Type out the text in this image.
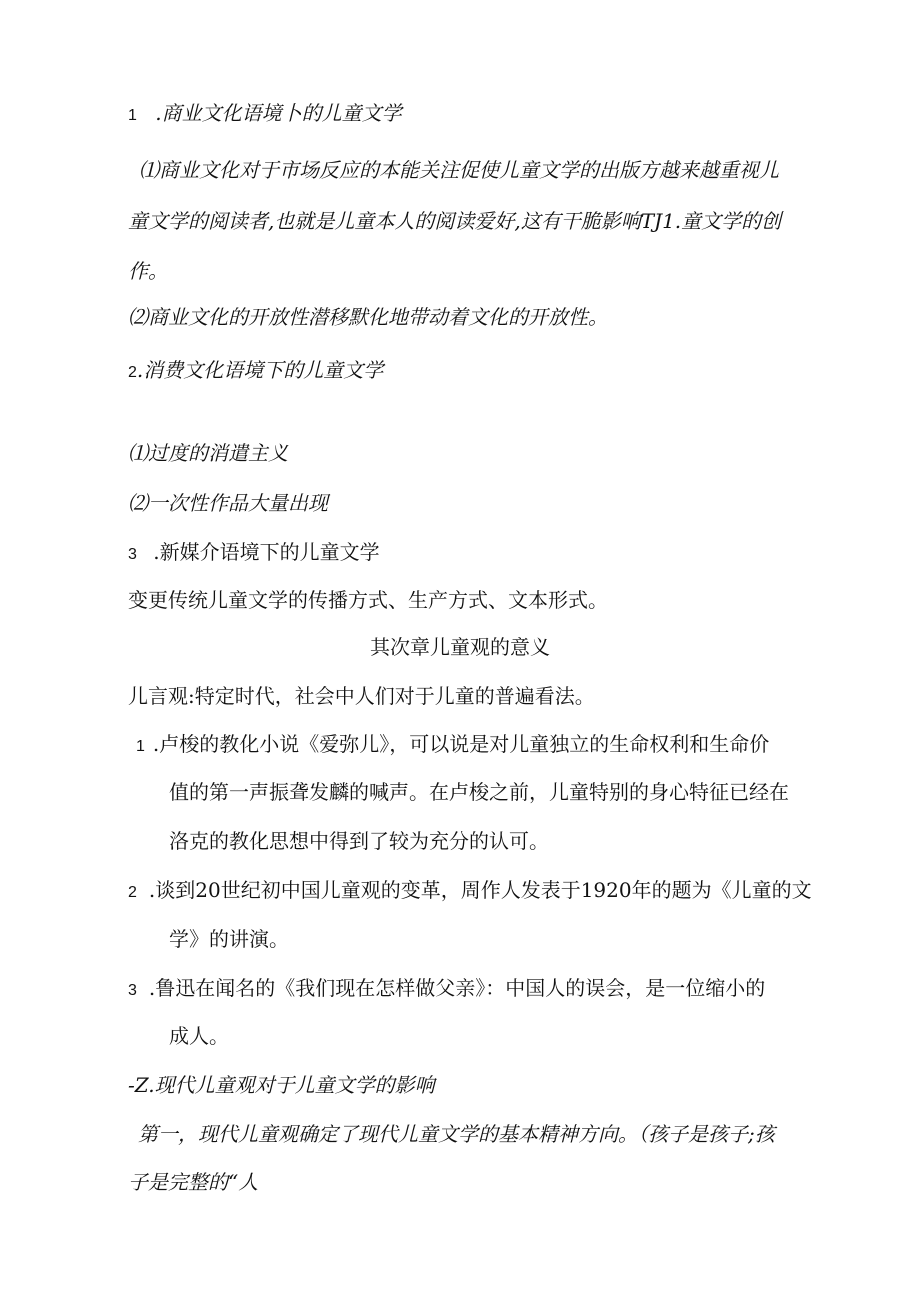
1 .商业文化语境卜的儿童文学
⑴商业文化对于市场反应的本能关注促使儿童文学的出版方越来越重视儿
童文学的阅读者,也就是儿童本人的阅读爱好,这有干脆影响TJ1.童文学的创
作。
⑵商业文化的开放性潜移默化地带动着文化的开放性。
2.消费文化语境下的儿童文学
⑴过度的消遣主义
⑵一次性作品大量出现
3 .新媒介语境下的儿童文学
变更传统儿童文学的传播方式、生产方式、文本形式。
其次章儿童观的意义
儿言观:特定时代，社会中人们对于儿童的普遍看法。
1 .卢梭的教化小说《爱弥儿》，可以说是对儿童独立的生命权利和生命价
值的第一声振聋发麟的喊声。在卢梭之前，儿童特别的身心特征已经在
洛克的教化思想中得到了较为充分的认可。
2 .谈到20世纪初中国儿童观的变革，周作人发表于1920年的题为《儿童的文
学》的讲演。
3 .鲁迅在闻名的《我们现在怎样做父亲》：中国人的误会，是一位缩小的
成人。
-Z.现代儿童观对于儿童文学的影响
第一，现代儿童观确定了现代儿童文学的基本精神方向。（孩子是孩子;孩
子是完整的“人
